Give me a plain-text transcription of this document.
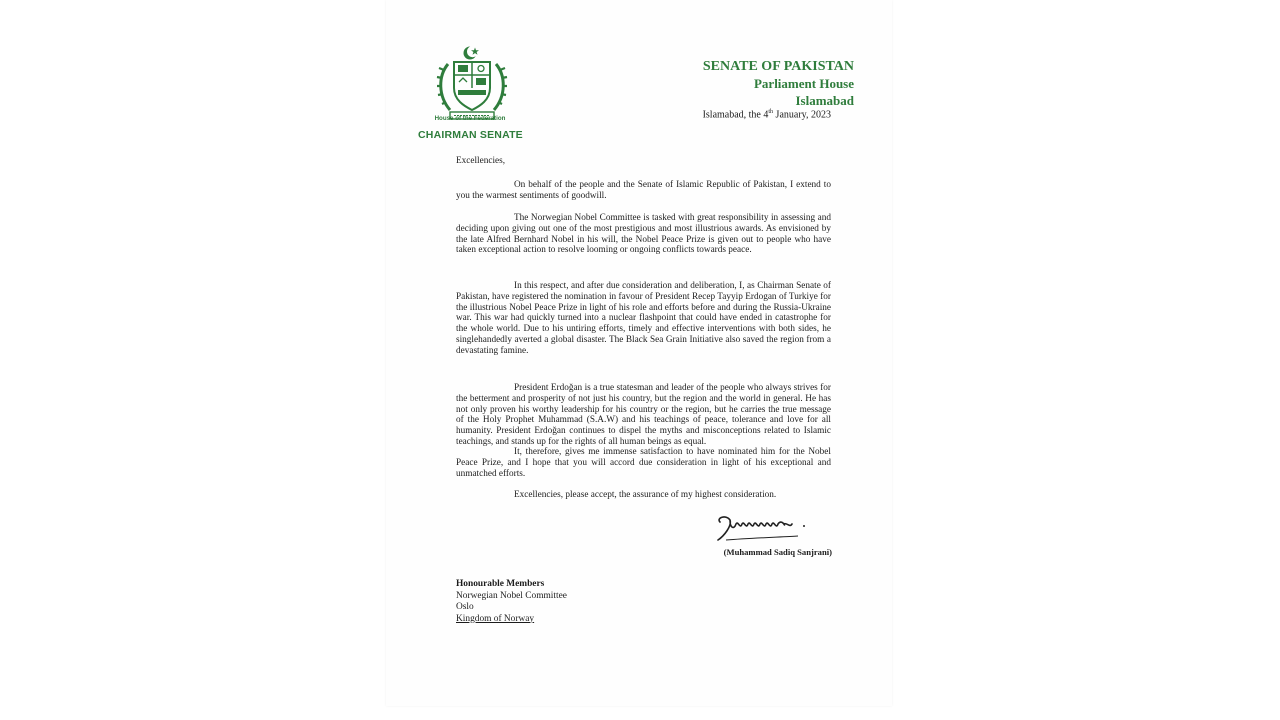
House of the Federation
CHAIRMAN SENATE
SENATE OF PAKISTAN
Parliament House
Islamabad
Islamabad, the 4th January, 2023
Excellencies,

On behalf of the people and the Senate of Islamic Republic of Pakistan, I extend to you the warmest sentiments of goodwill.

The Norwegian Nobel Committee is tasked with great responsibility in assessing and deciding upon giving out one of the most prestigious and most illustrious awards. As envisioned by the late Alfred Bernhard Nobel in his will, the Nobel Peace Prize is given out to people who have taken exceptional action to resolve looming or ongoing conflicts towards peace.

In this respect, and after due consideration and deliberation, I, as Chairman Senate of Pakistan, have registered the nomination in favour of President Recep Tayyip Erdogan of Turkiye for the illustrious Nobel Peace Prize in light of his role and efforts before and during the Russia-Ukraine war. This war had quickly turned into a nuclear flashpoint that could have ended in catastrophe for the whole world. Due to his untiring efforts, timely and effective interventions with both sides, he singlehandedly averted a global disaster. The Black Sea Grain Initiative also saved the region from a devastating famine.

President Erdoğan is a true statesman and leader of the people who always strives for the betterment and prosperity of not just his country, but the region and the world in general. He has not only proven his worthy leadership for his country or the region, but he carries the true message of the Holy Prophet Muhammad (S.A.W) and his teachings of peace, tolerance and love for all humanity. President Erdoğan continues to dispel the myths and misconceptions related to Islamic teachings, and stands up for the rights of all human beings as equal.

It, therefore, gives me immense satisfaction to have nominated him for the Nobel Peace Prize, and I hope that you will accord due consideration in light of his exceptional and unmatched efforts.

Excellencies, please accept, the assurance of my highest consideration.
(Muhammad Sadiq Sanjrani)
Honourable Members
Norwegian Nobel Committee
Oslo
Kingdom of Norway
